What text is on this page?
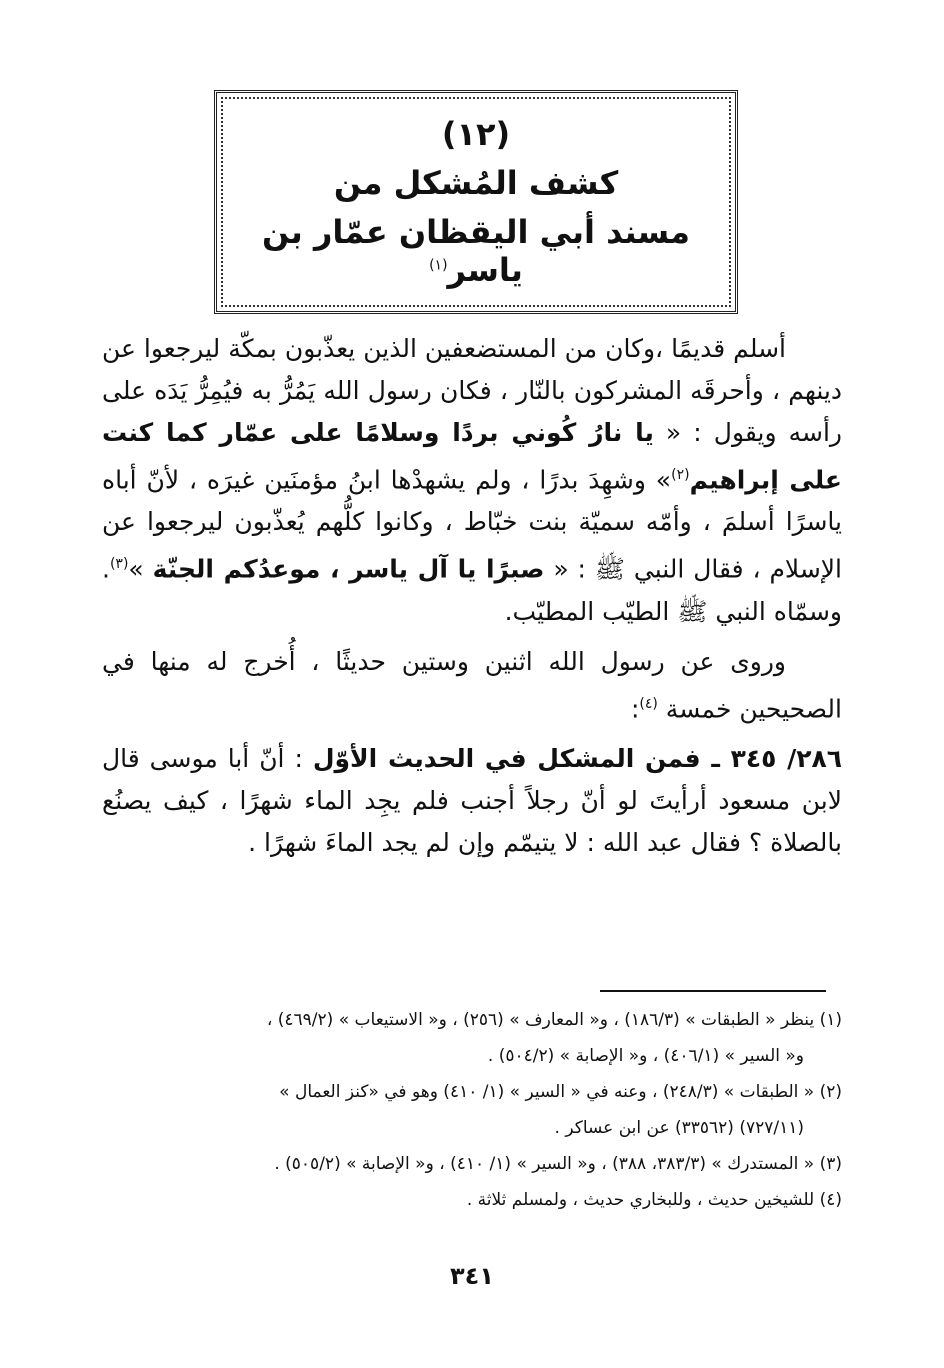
(١٢)
كشف المُشكل من
مسند أبي اليقظان عمّار بن ياسر$^{(١)}$

أسلم قديمًا ،وكان من المستضعفين الذين يعذّبون بمكّة ليرجعوا عن دينهم ، وأحرقَه المشركون بالنّار ، فكان رسول الله يَمُرُّ به فيُمِرُّ يَدَه على رأسه ويقول : « يا نارُ كُوني بردًا وسلامًا على عمّار كما كنت على إبراهيم$^{(٢)}$» وشهِدَ بدرًا ، ولم يشهدْها ابنُ مؤمنَين غيرَه ، لأنّ أباه ياسرًا أسلمَ ، وأمّه سميّة بنت خبّاط ، وكانوا كلُّهم يُعذّبون ليرجعوا عن الإسلام ، فقال النبي ﷺ : « صبرًا يا آل ياسر ، موعدُكم الجنّة »$^{(٣)}$. وسمّاه النبي ﷺ الطيّب المطيّب.

وروى عن رسول الله اثنين وستين حديثًا ، أُخرج له منها في الصحيحين خمسة $^{(٤)}$:

٢٨٦/ ٣٤٥ ـ فمن المشكل في الحديث الأوّل : أنّ أبا موسى قال لابن مسعود أرأيتَ لو أنّ رجلاً أجنب فلم يجِد الماء شهرًا ، كيف يصنُع بالصلاة ؟ فقال عبد الله : لا يتيمّم وإن لم يجد الماءَ شهرًا .

(١) ينظر « الطبقات » (١٨٦/٣) ، و« المعارف » (٢٥٦) ، و« الاستيعاب » (٤٦٩/٢) ،

و« السير » (٤٠٦/١) ، و« الإصابة » (٥٠٤/٢) .

(٢) « الطبقات » (٢٤٨/٣) ، وعنه في « السير » (١/ ٤١٠) وهو في «كنز العمال »

(٧٢٧/١١) (٣٣٥٦٢) عن ابن عساكر .

(٣) « المستدرك » (٣٨٣/٣، ٣٨٨) ، و« السير » (١/ ٤١٠) ، و« الإصابة » (٥٠٥/٢) .

(٤) للشيخين حديث ، وللبخاري حديث ، ولمسلم ثلاثة .

٣٤١
